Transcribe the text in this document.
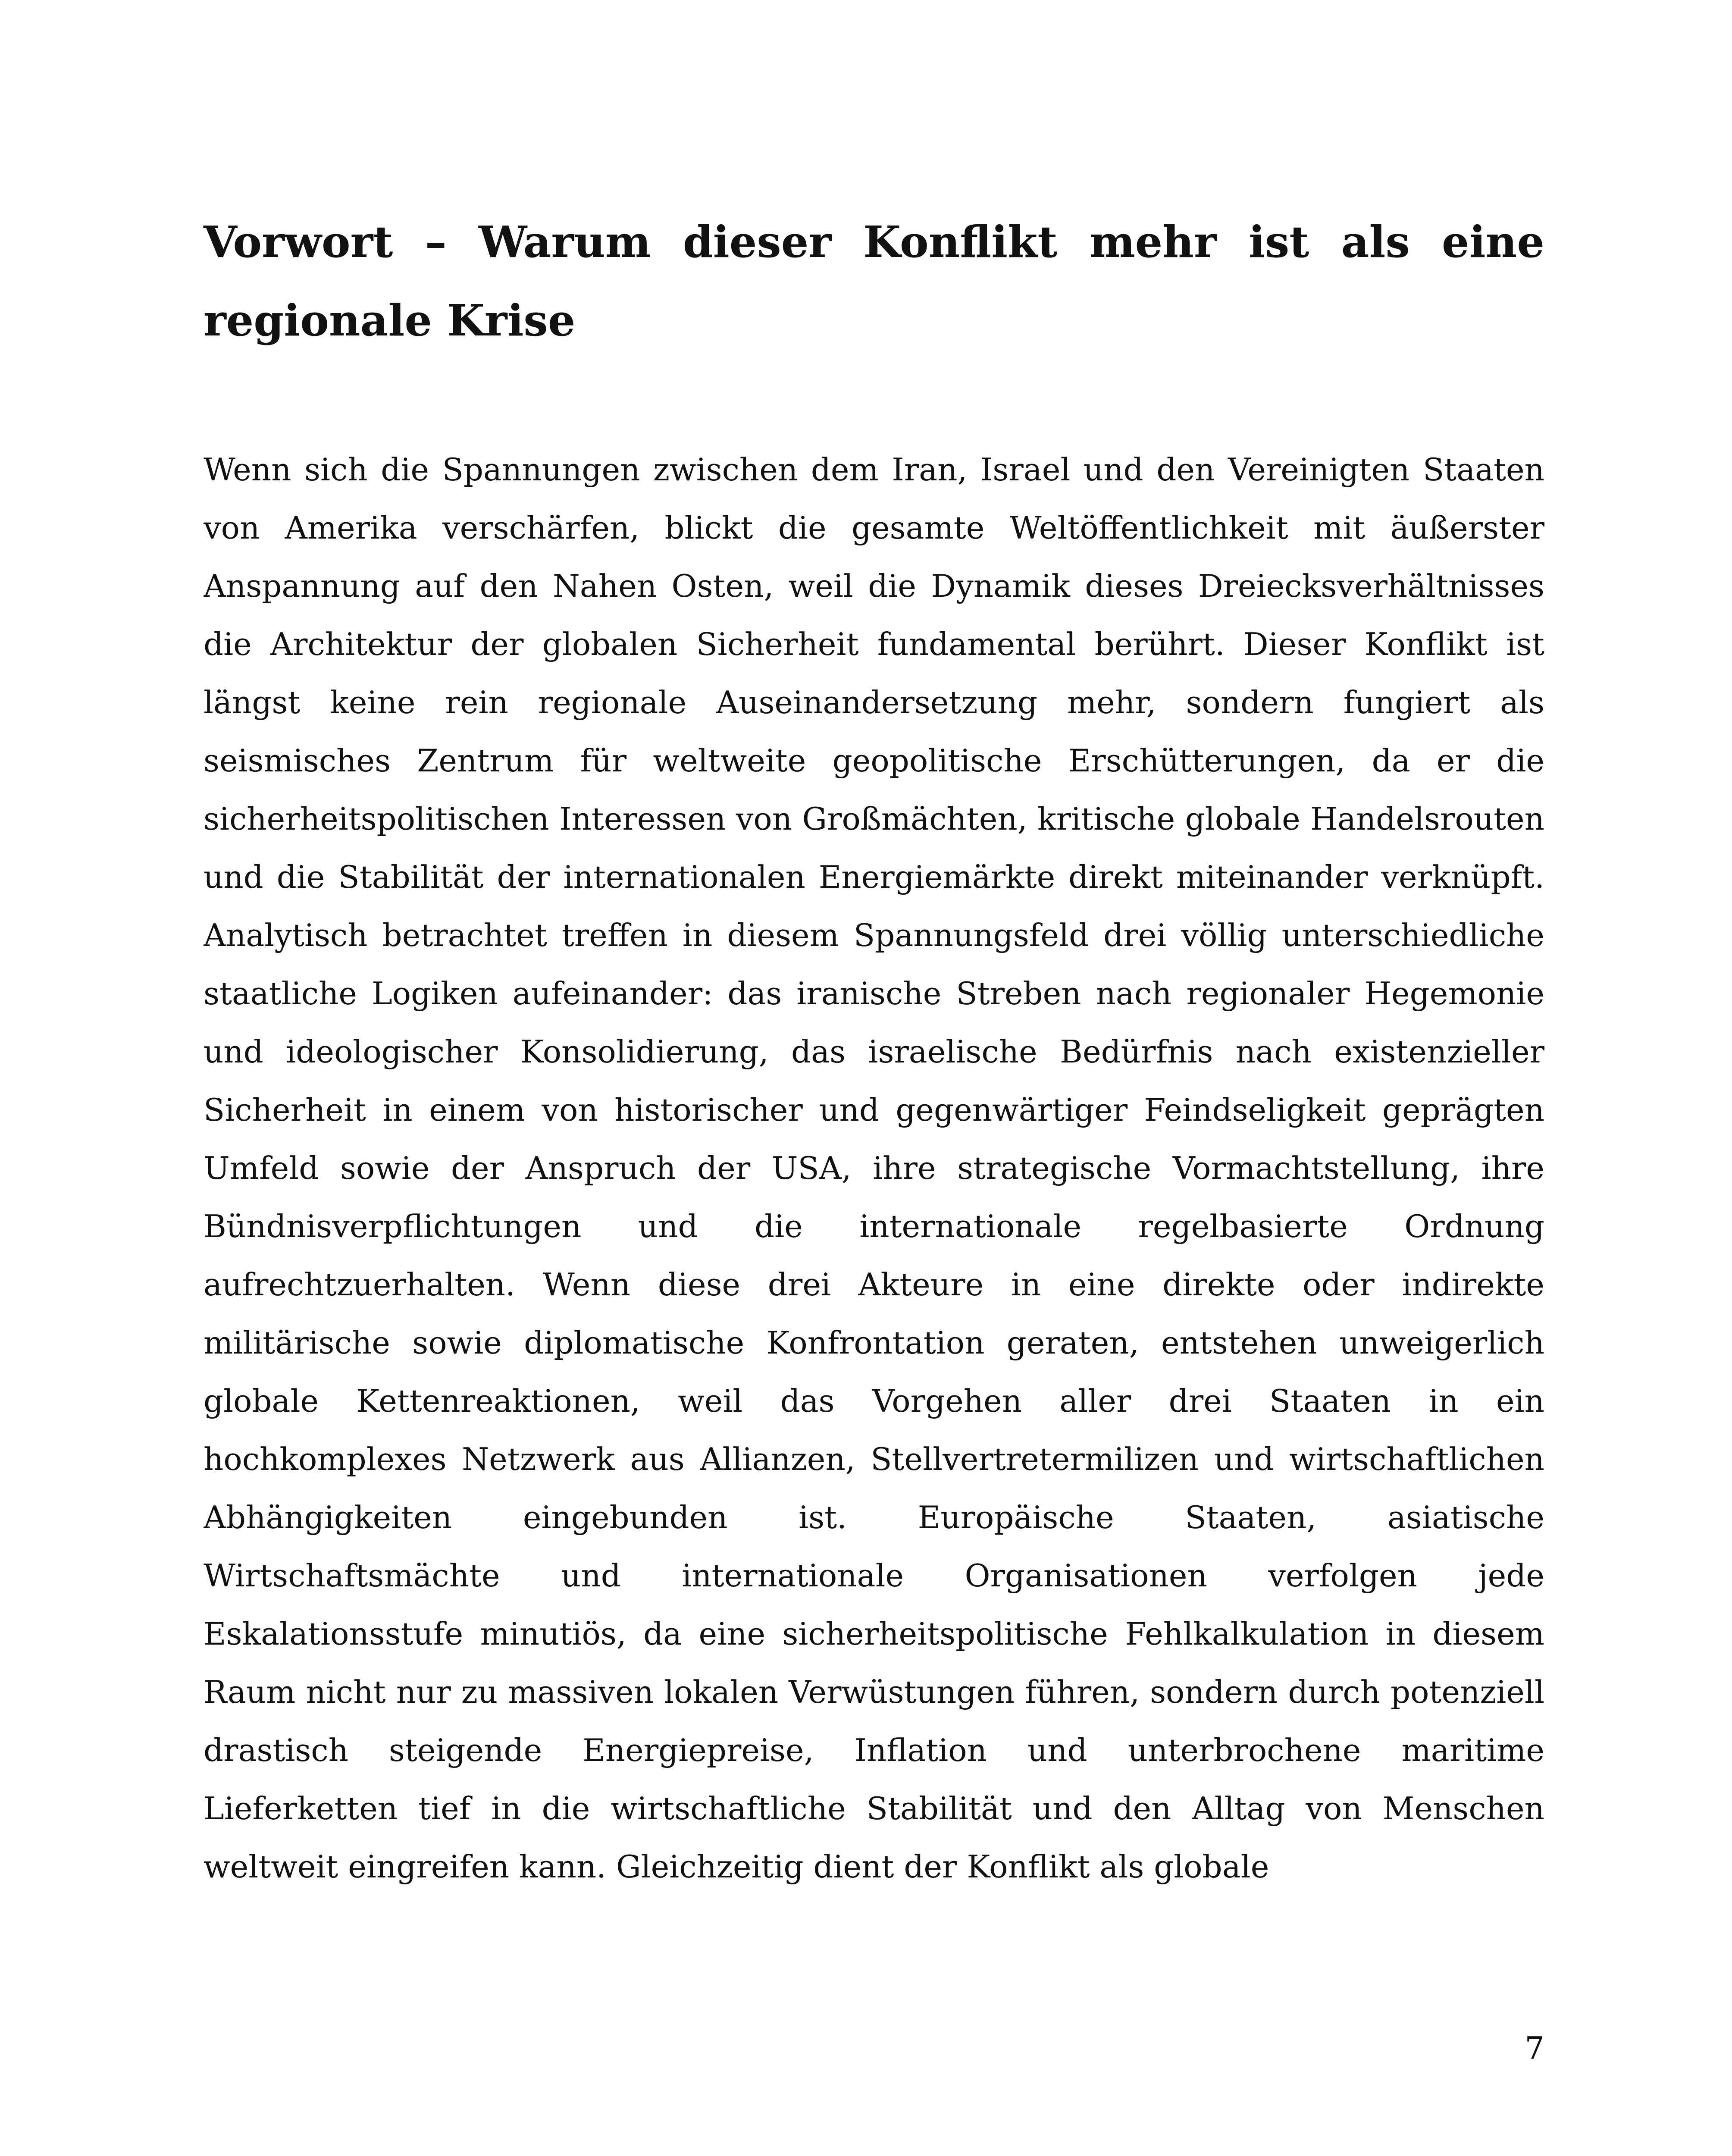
Vorwort – Warum dieser Konflikt mehr ist als eine regionale Krise

Wenn sich die Spannungen zwischen dem Iran, Israel und den Vereinigten Staaten von Amerika verschärfen, blickt die gesamte Weltöffentlichkeit mit äußerster Anspannung auf den Nahen Osten, weil die Dynamik dieses Dreiecksverhältnisses die Architektur der globalen Sicherheit fundamental berührt. Dieser Konflikt ist längst keine rein regionale Auseinandersetzung mehr, sondern fungiert als seismisches Zentrum für weltweite geopolitische Erschütterungen, da er die sicherheitspolitischen Interessen von Großmächten, kritische globale Handelsrouten und die Stabilität der internationalen Energiemärkte direkt miteinander verknüpft. Analytisch betrachtet treffen in diesem Spannungsfeld drei völlig unterschiedliche staatliche Logiken aufeinander: das iranische Streben nach regionaler Hegemonie und ideologischer Konsolidierung, das israelische Bedürfnis nach existenzieller Sicherheit in einem von historischer und gegenwärtiger Feindseligkeit geprägten Umfeld sowie der Anspruch der USA, ihre strategische Vormachtstellung, ihre Bündnisverpflichtungen und die internationale regelbasierte Ordnung aufrechtzuerhalten. Wenn diese drei Akteure in eine direkte oder indirekte militärische sowie diplomatische Konfrontation geraten, entstehen unweigerlich globale Kettenreaktionen, weil das Vorgehen aller drei Staaten in ein hochkomplexes Netzwerk aus Allianzen, Stellvertretermilizen und wirtschaftlichen Abhängigkeiten eingebunden ist. Europäische Staaten, asiatische Wirtschaftsmächte und internationale Organisationen verfolgen jede Eskalationsstufe minutiös, da eine sicherheitspolitische Fehlkalkulation in diesem Raum nicht nur zu massiven lokalen Verwüstungen führen, sondern durch potenziell drastisch steigende Energiepreise, Inflation und unterbrochene maritime Lieferketten tief in die wirtschaftliche Stabilität und den Alltag von Menschen weltweit eingreifen kann. Gleichzeitig dient der Konflikt als globale

7
